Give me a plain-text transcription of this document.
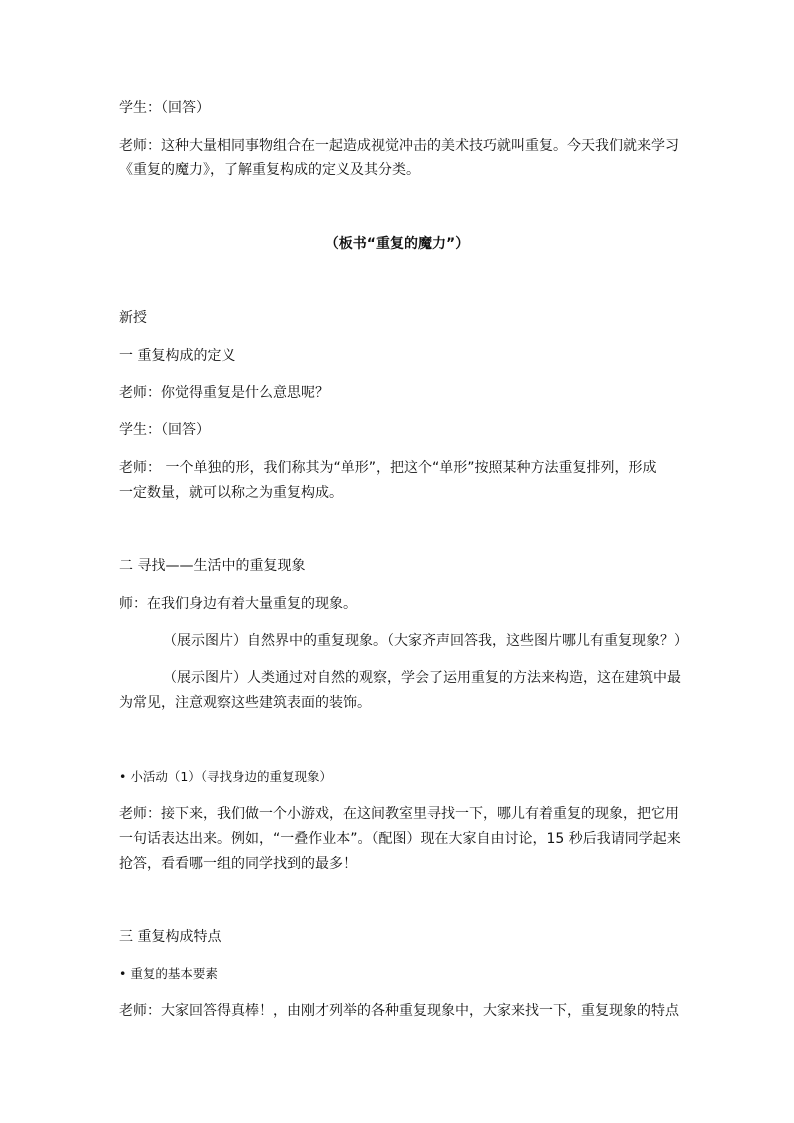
学生：（回答）
老师：这种大量相同事物组合在一起造成视觉冲击的美术技巧就叫重复。今天我们就来学习
《重复的魔力》，了解重复构成的定义及其分类。
（板书“重复的魔力”）
新授
一 重复构成的定义
老师：你觉得重复是什么意思呢？
学生：（回答）
老师： 一个单独的形，我们称其为“单形”，把这个“单形”按照某种方法重复排列，形成
一定数量，就可以称之为重复构成。
二 寻找——生活中的重复现象
师：在我们身边有着大量重复的现象。
（展示图片）自然界中的重复现象。（大家齐声回答我，这些图片哪儿有重复现象？）
（展示图片）人类通过对自然的观察，学会了运用重复的方法来构造，这在建筑中最
为常见，注意观察这些建筑表面的装饰。
• 小活动（1）（寻找身边的重复现象）
老师：接下来，我们做一个小游戏，在这间教室里寻找一下，哪儿有着重复的现象，把它用
一句话表达出来。例如，“一叠作业本”。（配图）现在大家自由讨论，15 秒后我请同学起来
抢答，看看哪一组的同学找到的最多！
三 重复构成特点
• 重复的基本要素
老师：大家回答得真棒！，由刚才列举的各种重复现象中，大家来找一下，重复现象的特点
